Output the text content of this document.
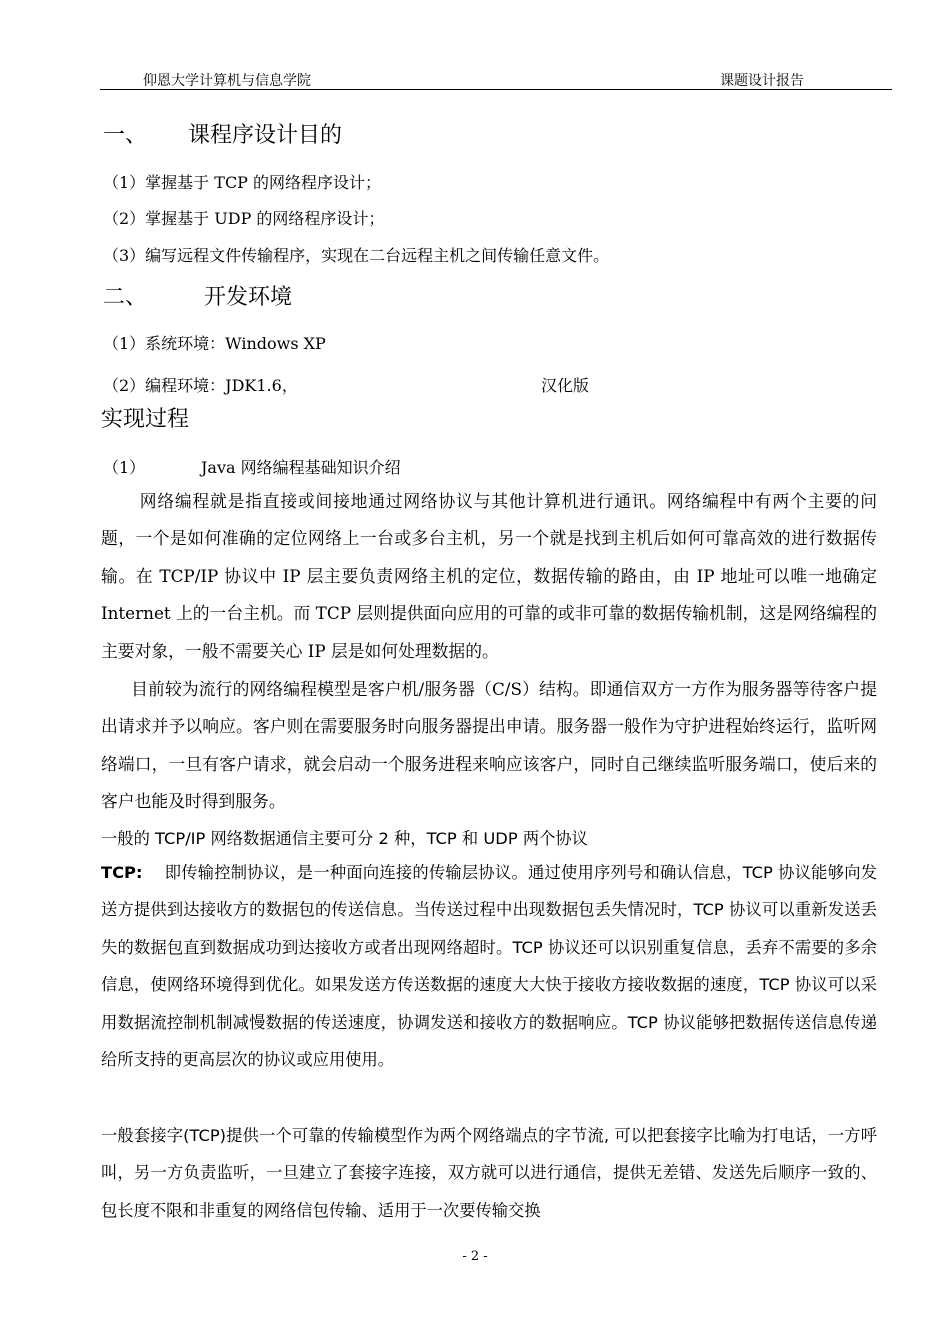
仰恩大学计算机与信息学院	课题设计报告
一、 课程序设计目的
（1）掌握基于 TCP 的网络程序设计；
（2）掌握基于 UDP 的网络程序设计；
（3）编写远程文件传输程序，实现在二台远程主机之间传输任意文件。
二、	开发环境
（1）系统环境：Windows XP
（2）编程环境：JDK1.6，	汉化版
实现过程
（1）	Java 网络编程基础知识介绍
网络编程就是指直接或间接地通过网络协议与其他计算机进行通讯。网络编程中有两个主要的问题，一个是如何准确的定位网络上一台或多台主机，另一个就是找到主机后如何可靠高效的进行数据传输。在 TCP/IP 协议中 IP 层主要负责网络主机的定位，数据传输的路由，由 IP 地址可以唯一地确定 Internet 上的一台主机。而 TCP 层则提供面向应用的可靠的或非可靠的数据传输机制，这是网络编程的主要对象，一般不需要关心 IP 层是如何处理数据的。
目前较为流行的网络编程模型是客户机/服务器（C/S）结构。即通信双方一方作为服务器等待客户提出请求并予以响应。客户则在需要服务时向服务器提出申请。服务器一般作为守护进程始终运行，监听网络端口，一旦有客户请求，就会启动一个服务进程来响应该客户，同时自己继续监听服务端口，使后来的客户也能及时得到服务。
一般的 TCP/IP 网络数据通信主要可分 2 种，TCP 和 UDP 两个协议
TCP: 即传输控制协议，是一种面向连接的传输层协议。通过使用序列号和确认信息，TCP 协议能够向发送方提供到达接收方的数据包的传送信息。当传送过程中出现数据包丢失情况时，TCP 协议可以重新发送丢失的数据包直到数据成功到达接收方或者出现网络超时。TCP 协议还可以识别重复信息，丢弃不需要的多余信息，使网络环境得到优化。如果发送方传送数据的速度大大快于接收方接收数据的速度，TCP 协议可以采用数据流控制机制减慢数据的传送速度，协调发送和接收方的数据响应。TCP 协议能够把数据传送信息传递给所支持的更高层次的协议或应用使用。
一般套接字(TCP)提供一个可靠的传输模型作为两个网络端点的字节流, 可以把套接字比喻为打电话，一方呼叫，另一方负责监听，一旦建立了套接字连接，双方就可以进行通信，提供无差错、发送先后顺序一致的、包长度不限和非重复的网络信包传输、适用于一次要传输交换
- 2 -
